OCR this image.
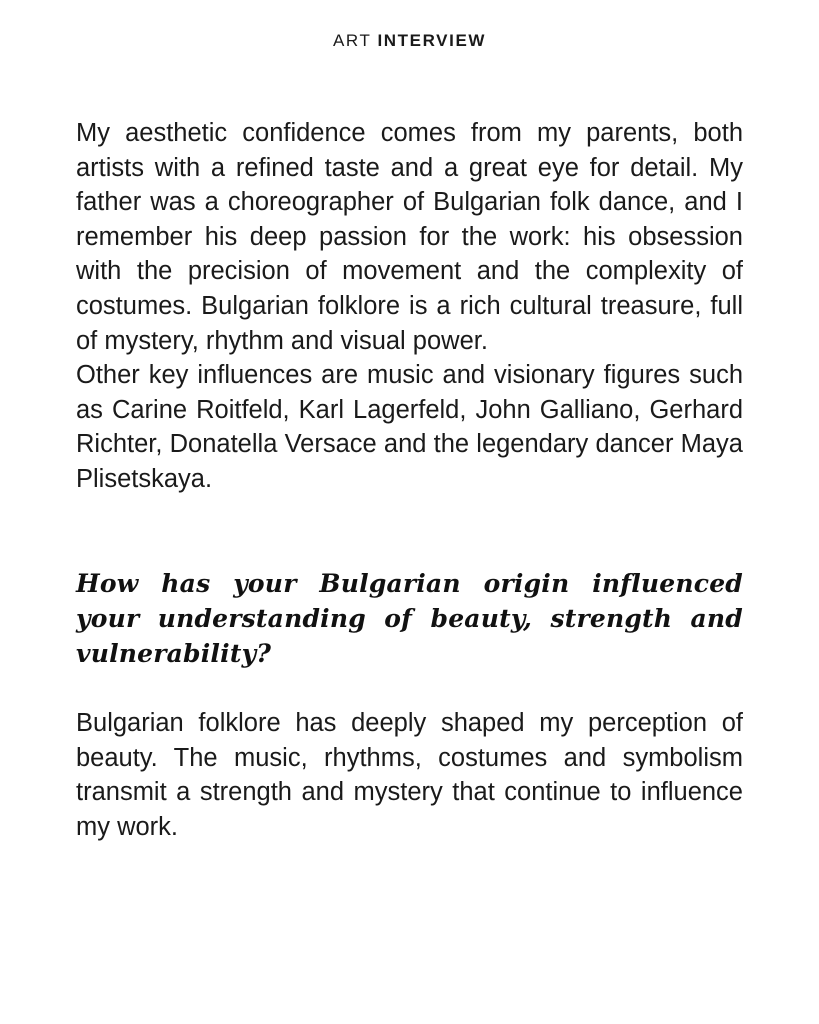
ART INTERVIEW

My aesthetic confidence comes from my parents, both artists with a refined taste and a great eye for detail. My father was a choreographer of Bulgarian folk dance, and I remember his deep passion for the work: his obsession with the precision of movement and the complexity of costumes. Bulgarian folklore is a rich cultural treasure, full of mystery, rhythm and visual power.

Other key influences are music and visionary figures such as Carine Roitfeld, Karl Lagerfeld, John Galliano, Gerhard Richter, Donatella Versace and the legendary dancer Maya Plisetskaya.

How has your Bulgarian origin influenced your understanding of beauty, strength and vulnerability?

Bulgarian folklore has deeply shaped my perception of beauty. The music, rhythms, costumes and symbolism transmit a strength and mystery that continue to influence my work.
